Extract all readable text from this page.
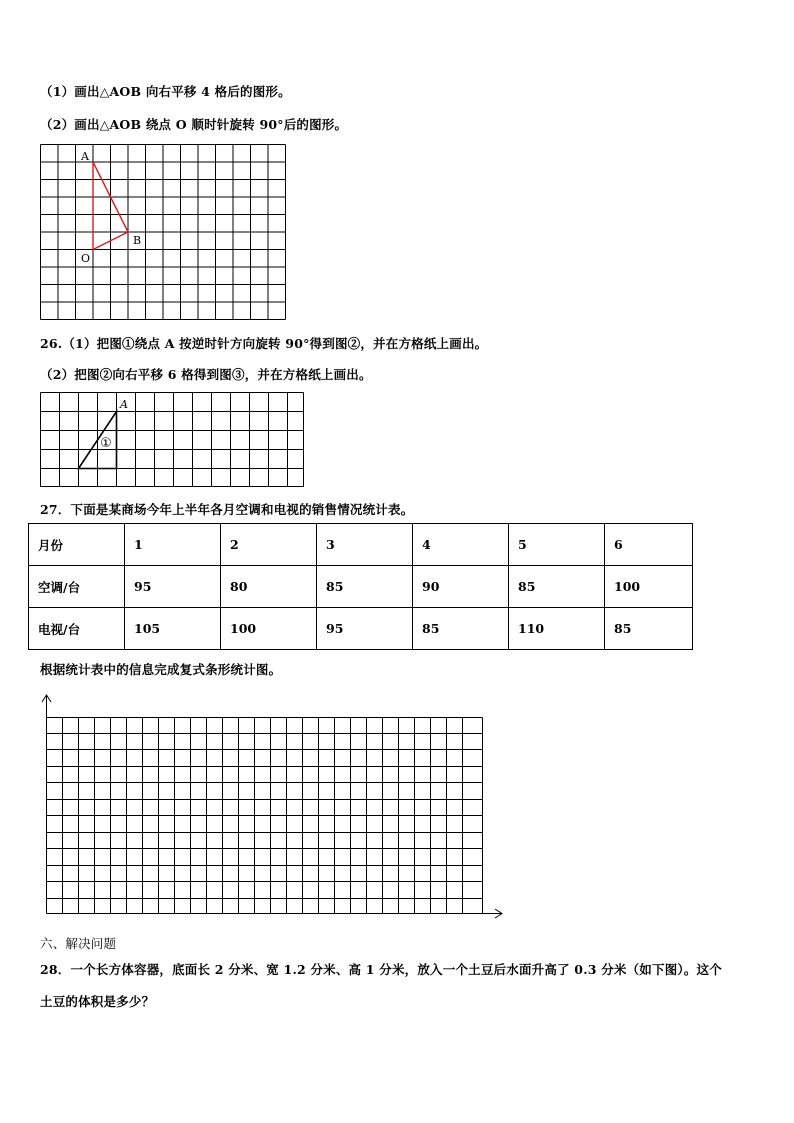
（1）画出△AOB 向右平移 4 格后的图形。
（2）画出△AOB 绕点 O 顺时针旋转 90°后的图形。
A
B
O
26.（1）把图①绕点 A 按逆时针方向旋转 90°得到图②，并在方格纸上画出。
（2）把图②向右平移 6 格得到图③，并在方格纸上画出。
A
①
27．下面是某商场今年上半年各月空调和电视的销售情况统计表。
月份	1	2	3	4	5	6
空调/台	95	80	85	90	85	100
电视/台	105	100	95	85	110	85
根据统计表中的信息完成复式条形统计图。
六、解决问题
28．一个长方体容器，底面长 2 分米、宽 1.2 分米、高 1 分米，放入一个土豆后水面升高了 0.3 分米（如下图）。这个
土豆的体积是多少？
